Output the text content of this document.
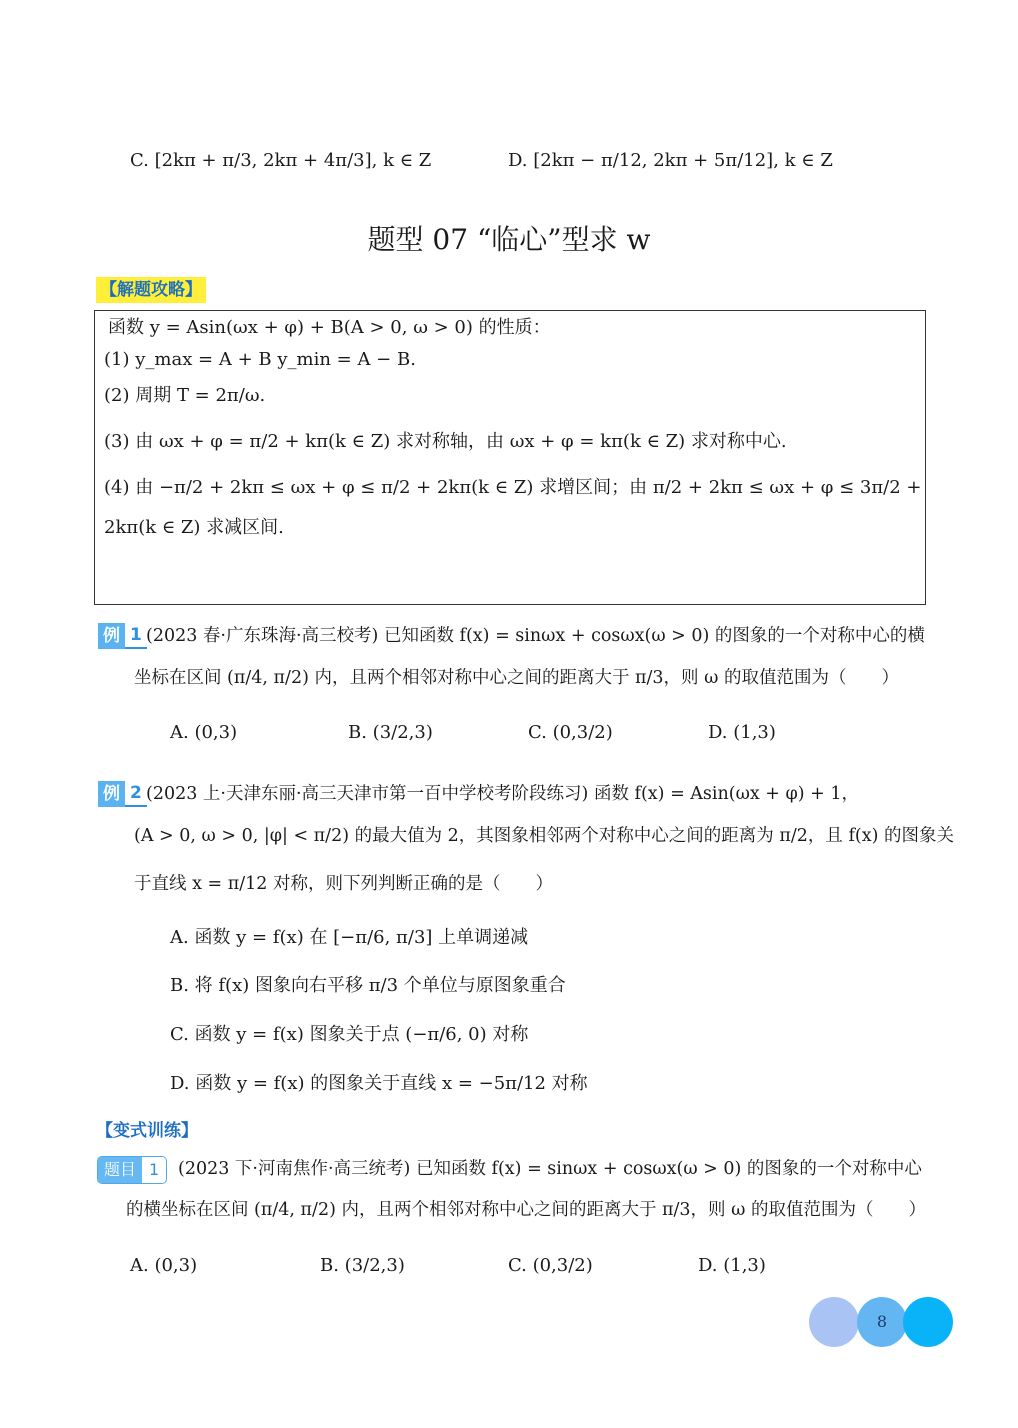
C. [2kπ + π/3, 2kπ + 4π/3], k ∈ Z	D. [2kπ − π/12, 2kπ + 5π/12], k ∈ Z
题型 07 “临心”型求 w
【解题攻略】
函数 y = Asin(ωx + φ) + B(A > 0, ω > 0) 的性质：
(1) y_max = A + B y_min = A − B.
(2) 周期 T = 2π/ω.
(3) 由 ωx + φ = π/2 + kπ(k ∈ Z) 求对称轴，由 ωx + φ = kπ(k ∈ Z) 求对称中心.
(4) 由 −π/2 + 2kπ ≤ ωx + φ ≤ π/2 + 2kπ(k ∈ Z) 求增区间；由 π/2 + 2kπ ≤ ωx + φ ≤ 3π/2 +
2kπ(k ∈ Z) 求减区间.
例 1 (2023 春·广东珠海·高三校考) 已知函数 f(x) = sinωx + cosωx(ω > 0) 的图象的一个对称中心的横
坐标在区间 (π/4, π/2) 内，且两个相邻对称中心之间的距离大于 π/3，则 ω 的取值范围为（　　）
A. (0,3)	B. (3/2,3)	C. (0,3/2)	D. (1,3)
例 2 (2023 上·天津东丽·高三天津市第一百中学校考阶段练习) 函数 f(x) = Asin(ωx + φ) + 1，
(A > 0, ω > 0, |φ| < π/2) 的最大值为 2，其图象相邻两个对称中心之间的距离为 π/2，且 f(x) 的图象关
于直线 x = π/12 对称，则下列判断正确的是（　　）
A. 函数 y = f(x) 在 [−π/6, π/3] 上单调递减
B. 将 f(x) 图象向右平移 π/3 个单位与原图象重合
C. 函数 y = f(x) 图象关于点 (−π/6, 0) 对称
D. 函数 y = f(x) 的图象关于直线 x = −5π/12 对称
【变式训练】
题目 1	(2023 下·河南焦作·高三统考) 已知函数 f(x) = sinωx + cosωx(ω > 0) 的图象的一个对称中心
的横坐标在区间 (π/4, π/2) 内，且两个相邻对称中心之间的距离大于 π/3，则 ω 的取值范围为（　　）
A. (0,3)	B. (3/2,3)	C. (0,3/2)	D. (1,3)
8
